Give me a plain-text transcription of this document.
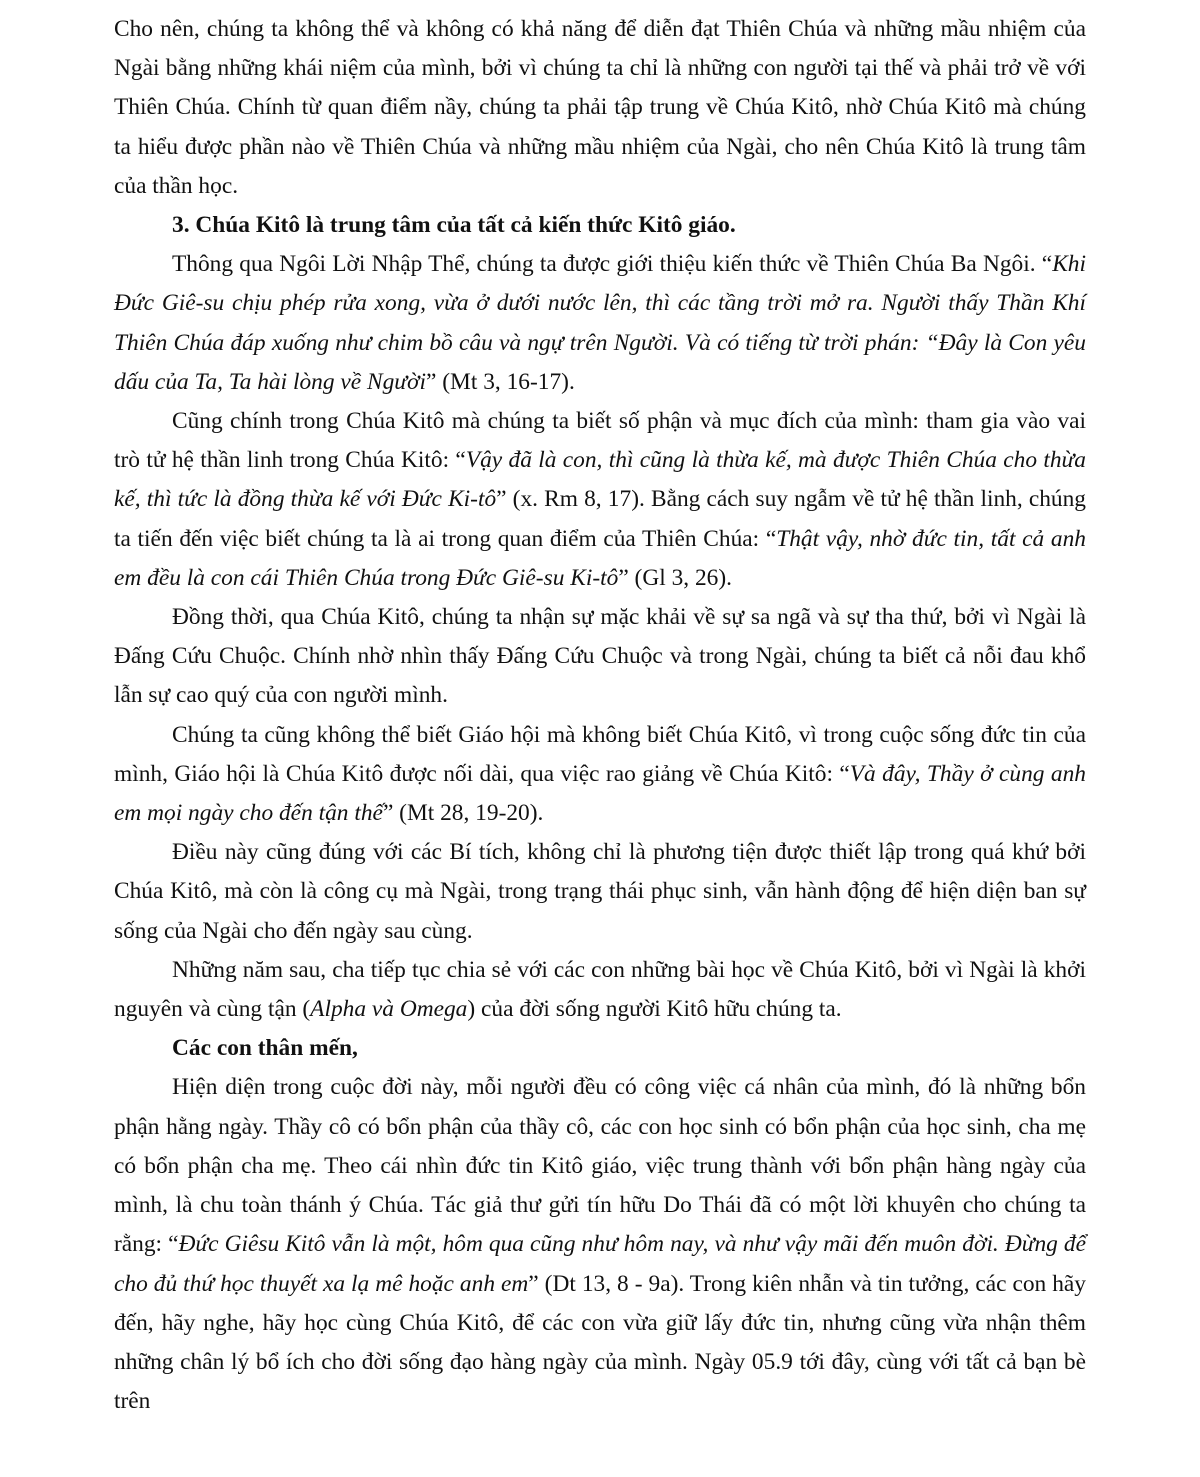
Cho nên, chúng ta không thể và không có khả năng để diễn đạt Thiên Chúa và những mầu nhiệm của Ngài bằng những khái niệm của mình, bởi vì chúng ta chỉ là những con người tại thế và phải trở về với Thiên Chúa. Chính từ quan điểm nầy, chúng ta phải tập trung về Chúa Kitô, nhờ Chúa Kitô mà chúng ta hiểu được phần nào về Thiên Chúa và những mầu nhiệm của Ngài, cho nên Chúa Kitô là trung tâm của thần học.

3. Chúa Kitô là trung tâm của tất cả kiến thức Kitô giáo.

Thông qua Ngôi Lời Nhập Thể, chúng ta được giới thiệu kiến thức về Thiên Chúa Ba Ngôi. “Khi Đức Giê-su chịu phép rửa xong, vừa ở dưới nước lên, thì các tầng trời mở ra. Người thấy Thần Khí Thiên Chúa đáp xuống như chim bồ câu và ngự trên Người. Và có tiếng từ trời phán: “Đây là Con yêu dấu của Ta, Ta hài lòng về Người” (Mt 3, 16-17).

Cũng chính trong Chúa Kitô mà chúng ta biết số phận và mục đích của mình: tham gia vào vai trò tử hệ thần linh trong Chúa Kitô: “Vậy đã là con, thì cũng là thừa kế, mà được Thiên Chúa cho thừa kế, thì tức là đồng thừa kế với Đức Ki-tô” (x. Rm 8, 17). Bằng cách suy ngẫm về tử hệ thần linh, chúng ta tiến đến việc biết chúng ta là ai trong quan điểm của Thiên Chúa: “Thật vậy, nhờ đức tin, tất cả anh em đều là con cái Thiên Chúa trong Đức Giê-su Ki-tô” (Gl 3, 26).

Đồng thời, qua Chúa Kitô, chúng ta nhận sự mặc khải về sự sa ngã và sự tha thứ, bởi vì Ngài là Đấng Cứu Chuộc. Chính nhờ nhìn thấy Đấng Cứu Chuộc và trong Ngài, chúng ta biết cả nỗi đau khổ lẫn sự cao quý của con người mình.

Chúng ta cũng không thể biết Giáo hội mà không biết Chúa Kitô, vì trong cuộc sống đức tin của mình, Giáo hội là Chúa Kitô được nối dài, qua việc rao giảng về Chúa Kitô: “Và đây, Thầy ở cùng anh em mọi ngày cho đến tận thế” (Mt 28, 19-20).

Điều này cũng đúng với các Bí tích, không chỉ là phương tiện được thiết lập trong quá khứ bởi Chúa Kitô, mà còn là công cụ mà Ngài, trong trạng thái phục sinh, vẫn hành động để hiện diện ban sự sống của Ngài cho đến ngày sau cùng.

Những năm sau, cha tiếp tục chia sẻ với các con những bài học về Chúa Kitô, bởi vì Ngài là khởi nguyên và cùng tận (Alpha và Omega) của đời sống người Kitô hữu chúng ta.

Các con thân mến,

Hiện diện trong cuộc đời này, mỗi người đều có công việc cá nhân của mình, đó là những bổn phận hằng ngày. Thầy cô có bổn phận của thầy cô, các con học sinh có bổn phận của học sinh, cha mẹ có bổn phận cha mẹ. Theo cái nhìn đức tin Kitô giáo, việc trung thành với bổn phận hàng ngày của mình, là chu toàn thánh ý Chúa. Tác giả thư gửi tín hữu Do Thái đã có một lời khuyên cho chúng ta rằng: “Đức Giêsu Kitô vẫn là một, hôm qua cũng như hôm nay, và như vậy mãi đến muôn đời. Đừng để cho đủ thứ học thuyết xa lạ mê hoặc anh em” (Dt 13, 8 - 9a). Trong kiên nhẫn và tin tưởng, các con hãy đến, hãy nghe, hãy học cùng Chúa Kitô, để các con vừa giữ lấy đức tin, nhưng cũng vừa nhận thêm những chân lý bổ ích cho đời sống đạo hàng ngày của mình. Ngày 05.9 tới đây, cùng với tất cả bạn bè trên
